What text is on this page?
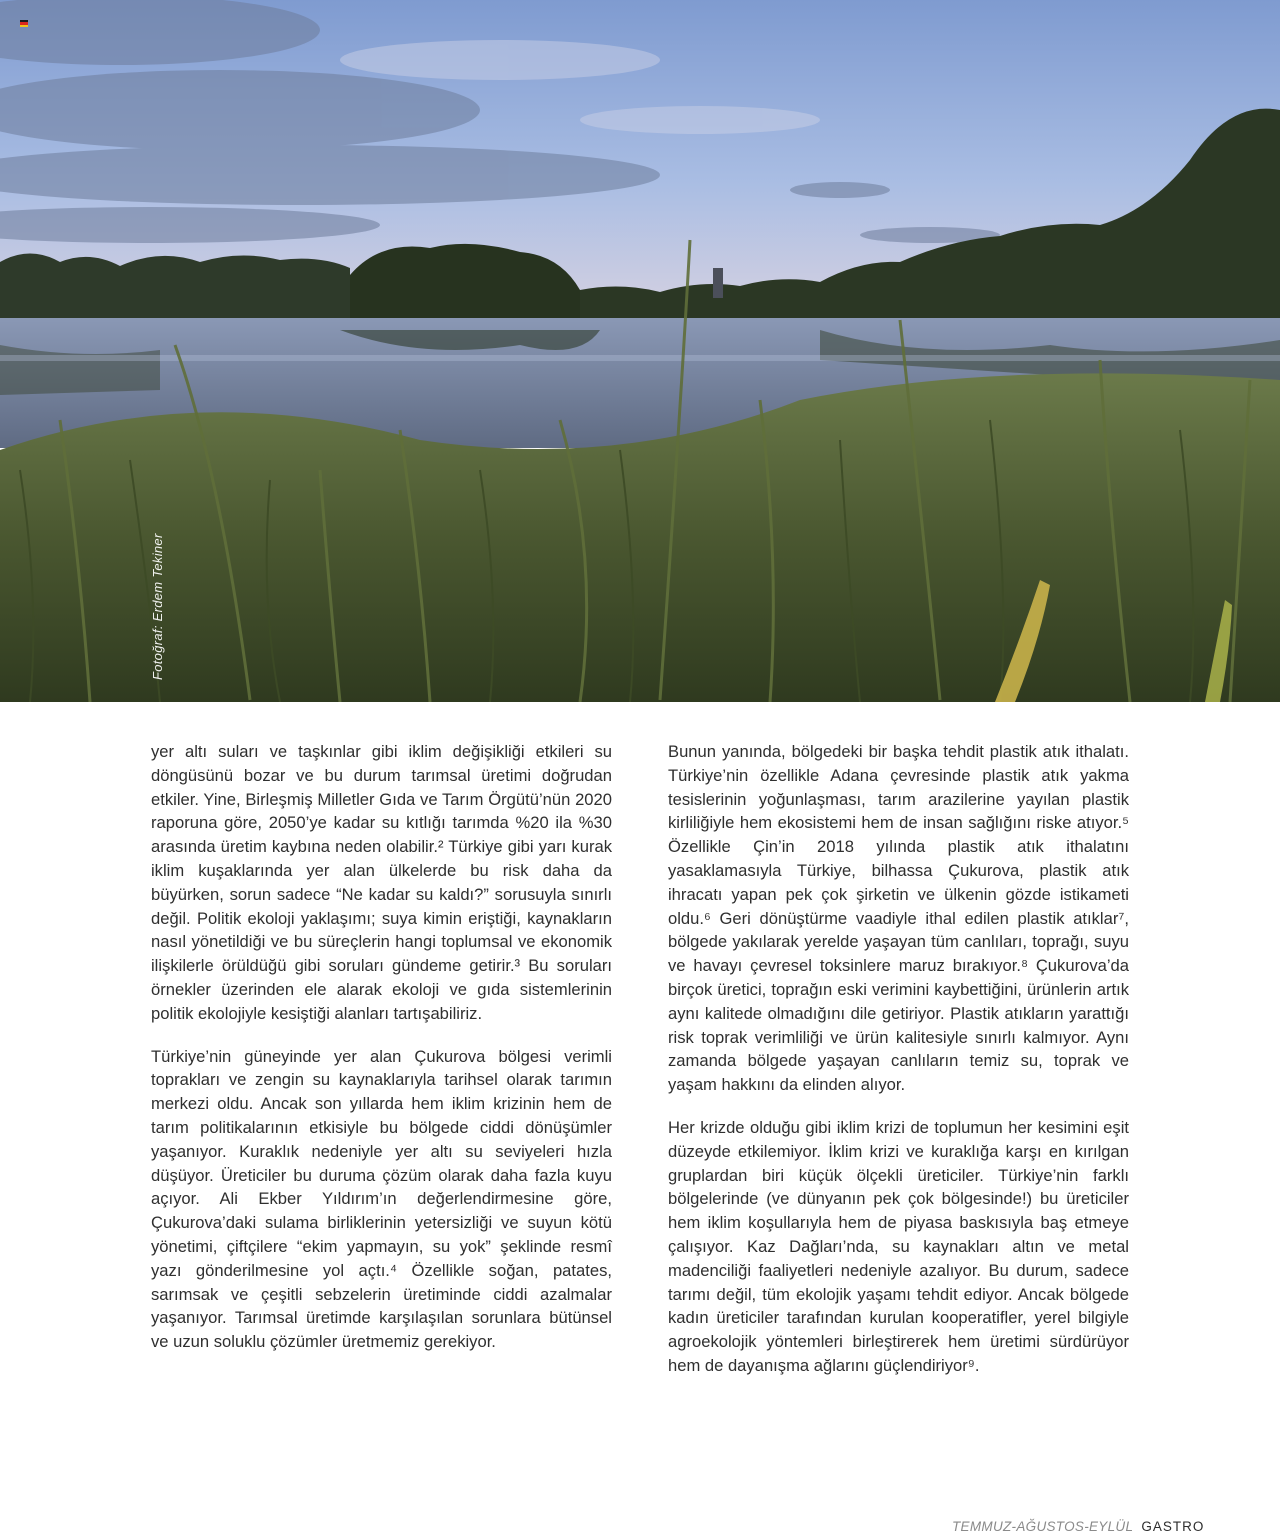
Fotoğraf: Erdem Tekiner

yer altı suları ve taşkınlar gibi iklim değişikliği etkileri su döngüsünü bozar ve bu durum tarımsal üretimi doğrudan etkiler. Yine, Birleşmiş Milletler Gıda ve Tarım Örgütü’nün 2020 raporuna göre, 2050’ye kadar su kıtlığı tarımda %20 ila %30 arasında üretim kaybına neden olabilir.² Türkiye gibi yarı kurak iklim kuşaklarında yer alan ülkelerde bu risk daha da büyürken, sorun sadece “Ne kadar su kaldı?” sorusuyla sınırlı değil. Politik ekoloji yaklaşımı; suya kimin eriştiği, kaynakların nasıl yönetildiği ve bu süreçlerin hangi toplumsal ve ekonomik ilişkilerle örüldüğü gibi soruları gündeme getirir.³ Bu soruları örnekler üzerinden ele alarak ekoloji ve gıda sistemlerinin politik ekolojiyle kesiştiği alanları tartışabiliriz.

Türkiye’nin güneyinde yer alan Çukurova bölgesi verimli toprakları ve zengin su kaynaklarıyla tarihsel olarak tarımın merkezi oldu. Ancak son yıllarda hem iklim krizinin hem de tarım politikalarının etkisiyle bu bölgede ciddi dönüşümler yaşanıyor. Kuraklık nedeniyle yer altı su seviyeleri hızla düşüyor. Üreticiler bu duruma çözüm olarak daha fazla kuyu açıyor. Ali Ekber Yıldırım’ın değerlendirmesine göre, Çukurova’daki sulama birliklerinin yetersizliği ve suyun kötü yönetimi, çiftçilere “ekim yapmayın, su yok” şeklinde resmî yazı gönderilmesine yol açtı.⁴ Özellikle soğan, patates, sarımsak ve çeşitli sebzelerin üretiminde ciddi azalmalar yaşanıyor. Tarımsal üretimde karşılaşılan sorunlara bütünsel ve uzun soluklu çözümler üretmemiz gerekiyor.

Bunun yanında, bölgedeki bir başka tehdit plastik atık ithalatı. Türkiye’nin özellikle Adana çevresinde plastik atık yakma tesislerinin yoğunlaşması, tarım arazilerine yayılan plastik kirliliğiyle hem ekosistemi hem de insan sağlığını riske atıyor.⁵ Özellikle Çin’in 2018 yılında plastik atık ithalatını yasaklamasıyla Türkiye, bilhassa Çukurova, plastik atık ihracatı yapan pek çok şirketin ve ülkenin gözde istikameti oldu.⁶ Geri dönüştürme vaadiyle ithal edilen plastik atıklar⁷, bölgede yakılarak yerelde yaşayan tüm canlıları, toprağı, suyu ve havayı çevresel toksinlere maruz bırakıyor.⁸ Çukurova’da birçok üretici, toprağın eski verimini kaybettiğini, ürünlerin artık aynı kalitede olmadığını dile getiriyor. Plastik atıkların yarattığı risk toprak verimliliği ve ürün kalitesiyle sınırlı kalmıyor. Aynı zamanda bölgede yaşayan canlıların temiz su, toprak ve yaşam hakkını da elinden alıyor.

Her krizde olduğu gibi iklim krizi de toplumun her kesimini eşit düzeyde etkilemiyor. İklim krizi ve kuraklığa karşı en kırılgan gruplardan biri küçük ölçekli üreticiler. Türkiye’nin farklı bölgelerinde (ve dünyanın pek çok bölgesinde!) bu üreticiler hem iklim koşullarıyla hem de piyasa baskısıyla baş etmeye çalışıyor. Kaz Dağları’nda, su kaynakları altın ve metal madenciliği faaliyetleri nedeniyle azalıyor. Bu durum, sadece tarımı değil, tüm ekolojik yaşamı tehdit ediyor. Ancak bölgede kadın üreticiler tarafından kurulan kooperatifler, yerel bilgiyle agroekolojik yöntemleri birleştirerek hem üretimi sürdürüyor hem de dayanışma ağlarını güçlendiriyor⁹.

TEMMUZ-AĞUSTOS-EYLÜL GASTRO
